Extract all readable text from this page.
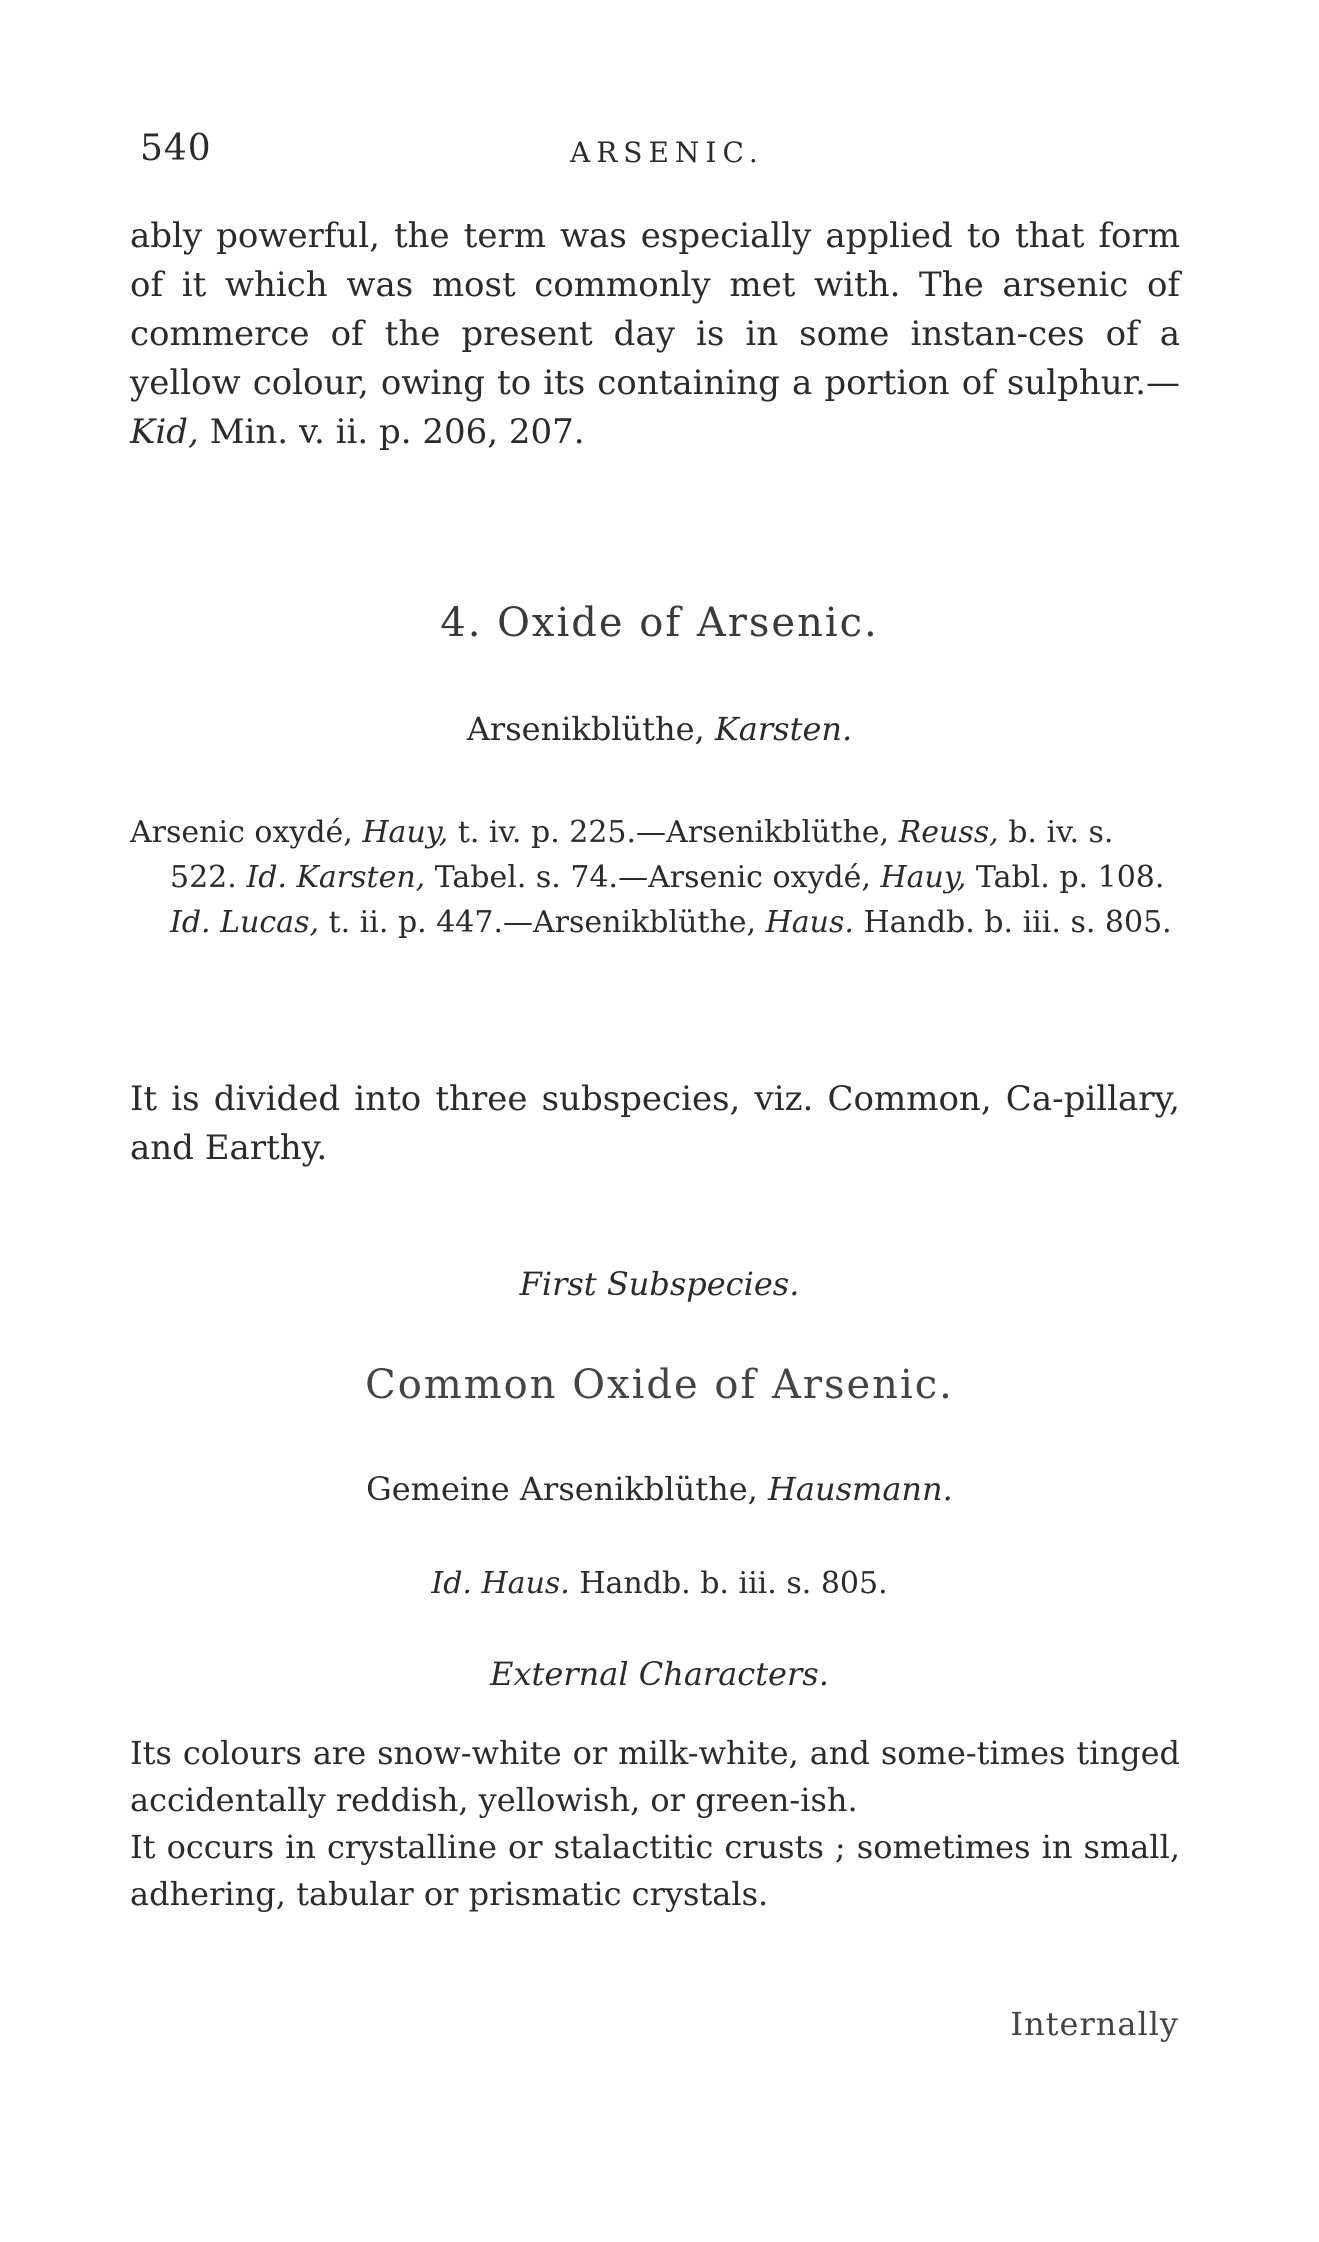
540	ARSENIC.

ably powerful, the term was especially applied to that form of it which was most commonly met with. The arsenic of commerce of the present day is in some instan-ces of a yellow colour, owing to its containing a portion of sulphur.—Kid, Min. v. ii. p. 206, 207.

4. Oxide of Arsenic.
Arsenikblüthe, Karsten.

Arsenic oxydé, Hauy, t. iv. p. 225.—Arsenikblüthe, Reuss, b. iv. s. 522. Id. Karsten, Tabel. s. 74.—Arsenic oxydé, Hauy, Tabl. p. 108. Id. Lucas, t. ii. p. 447.—Arsenikblüthe, Haus. Handb. b. iii. s. 805.

It is divided into three subspecies, viz. Common, Ca-pillary, and Earthy.

First Subspecies.
Common Oxide of Arsenic.
Gemeine Arsenikblüthe, Hausmann.
Id. Haus. Handb. b. iii. s. 805.
External Characters.

Its colours are snow-white or milk-white, and some-times tinged accidentally reddish, yellowish, or green-ish.

It occurs in crystalline or stalactitic crusts ; sometimes in small, adhering, tabular or prismatic crystals.

Internally
